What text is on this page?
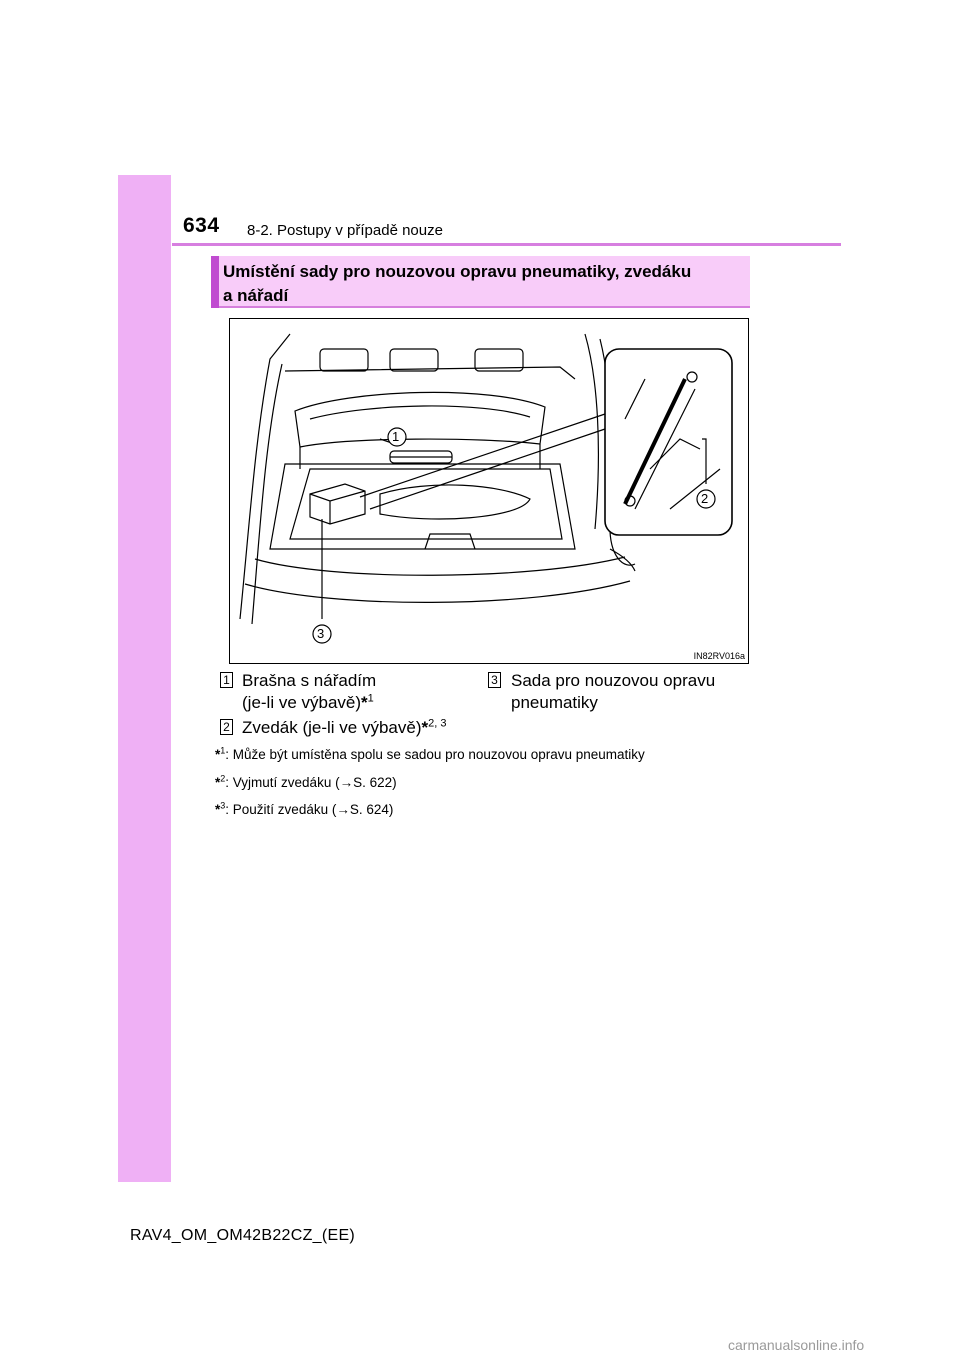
634 8-2. Postupy v případě nouze
Umístění sady pro nouzovou opravu pneumatiky, zvedáku
a nářadí
1
2
3
IN82RV016a
1 Brašna s nářadím
(je-li ve výbavě)*$^1$
3 Sada pro nouzovou opravu
pneumatiky
2 Zvedák (je-li ve výbavě)*$^{2, 3}$
*$^1$: Může být umístěna spolu se sadou pro nouzovou opravu pneumatiky
*$^2$: Vyjmutí zvedáku (→S. 622)
*$^3$: Použití zvedáku (→S. 624)
RAV4_OM_OM42B22CZ_(EE)
carmanualsonline.info
